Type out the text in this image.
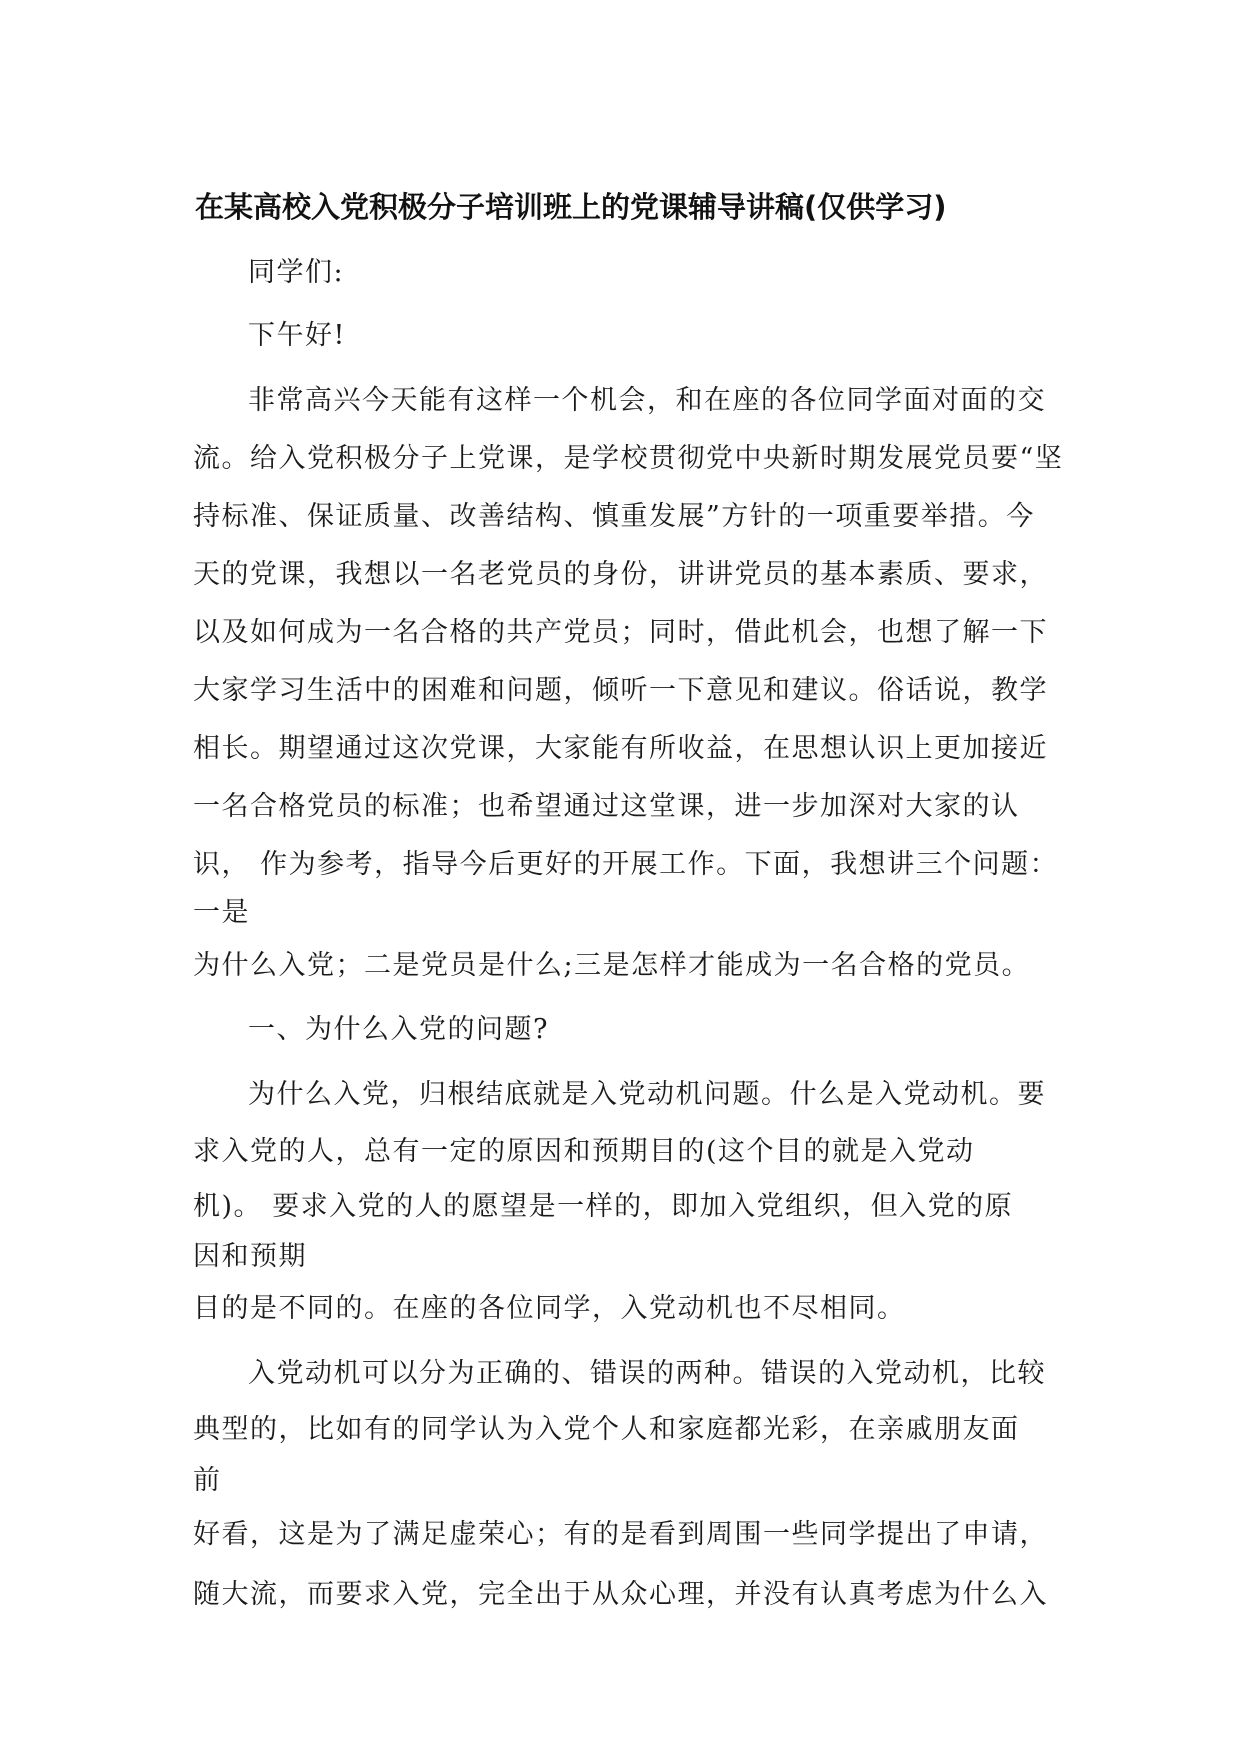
在某高校入党积极分子培训班上的党课辅导讲稿(仅供学习)
同学们:
下午好!
非常高兴今天能有这样一个机会，和在座的各位同学面对面的交
流。给入党积极分子上党课，是学校贯彻党中央新时期发展党员要“坚
持标准、保证质量、改善结构、慎重发展”方针的一项重要举措。今
天的党课，我想以一名老党员的身份，讲讲党员的基本素质、要求，
以及如何成为一名合格的共产党员；同时，借此机会，也想了解一下
大家学习生活中的困难和问题，倾听一下意见和建议。俗话说，教学
相长。期望通过这次党课，大家能有所收益，在思想认识上更加接近
一名合格党员的标准；也希望通过这堂课，进一步加深对大家的认
识， 作为参考，指导今后更好的开展工作。下面，我想讲三个问题：
一是
为什么入党；二是党员是什么;三是怎样才能成为一名合格的党员。
一、为什么入党的问题?
为什么入党，归根结底就是入党动机问题。什么是入党动机。要
求入党的人，总有一定的原因和预期目的(这个目的就是入党动
机)。 要求入党的人的愿望是一样的，即加入党组织，但入党的原
因和预期
目的是不同的。在座的各位同学，入党动机也不尽相同。
入党动机可以分为正确的、错误的两种。错误的入党动机，比较
典型的，比如有的同学认为入党个人和家庭都光彩，在亲戚朋友面
前
好看，这是为了满足虚荣心；有的是看到周围一些同学提出了申请，
随大流，而要求入党，完全出于从众心理，并没有认真考虑为什么入
